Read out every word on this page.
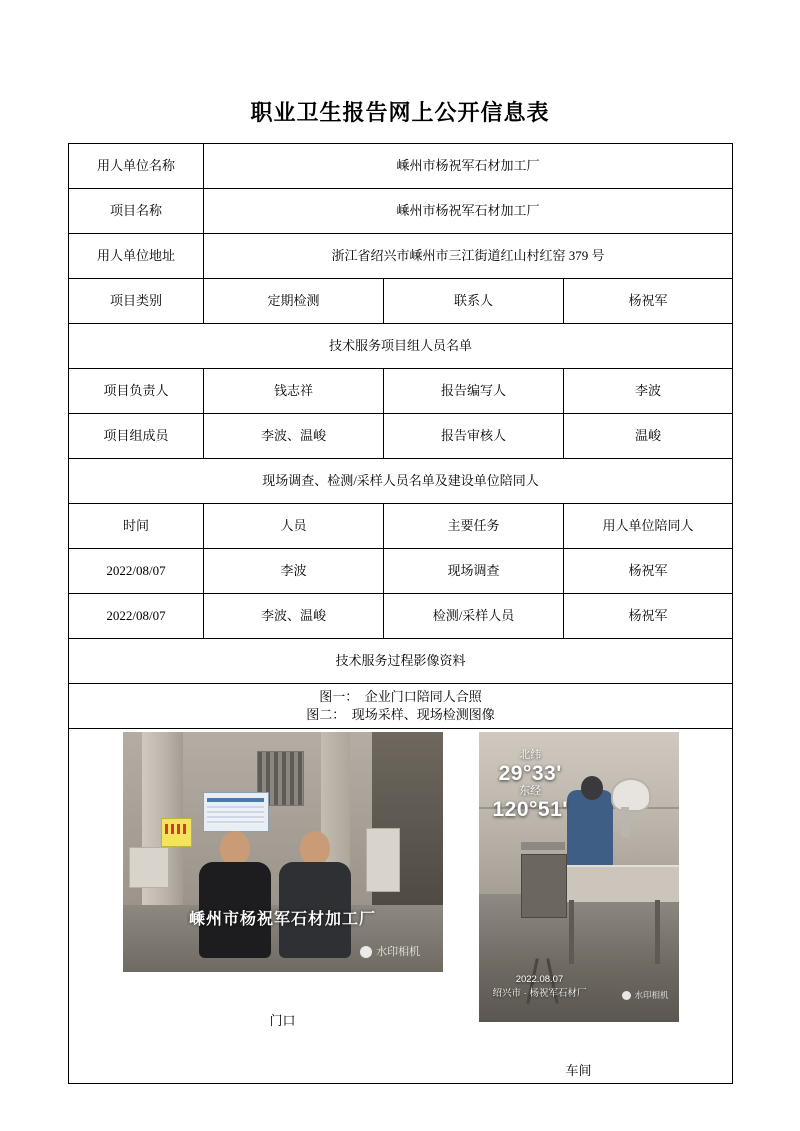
职业卫生报告网上公开信息表
用人单位名称	嵊州市杨祝军石材加工厂		
项目名称	嵊州市杨祝军石材加工厂		
用人单位地址	浙江省绍兴市嵊州市三江街道红山村红窑 379 号		
项目类别	定期检测	联系人	杨祝军
技术服务项目组人员名单			
项目负责人	钱志祥	报告编写人	李波
项目组成员	李波、温峻	报告审核人	温峻
现场调查、检测/采样人员名单及建设单位陪同人			
时间	人员	主要任务	用人单位陪同人
2022/08/07	李波	现场调查	杨祝军
2022/08/07	李波、温峻	检测/采样人员	杨祝军
技术服务过程影像资料			

图一：  企业门口陪同人合照
图二：  现场采样、现场检测图像			

嵊州市杨祝军石材加工厂
水印相机
门口
北纬
29°33'
东经
120°51'
2022.08.07
绍兴市 · 杨祝军石材厂	水印相机
车间
